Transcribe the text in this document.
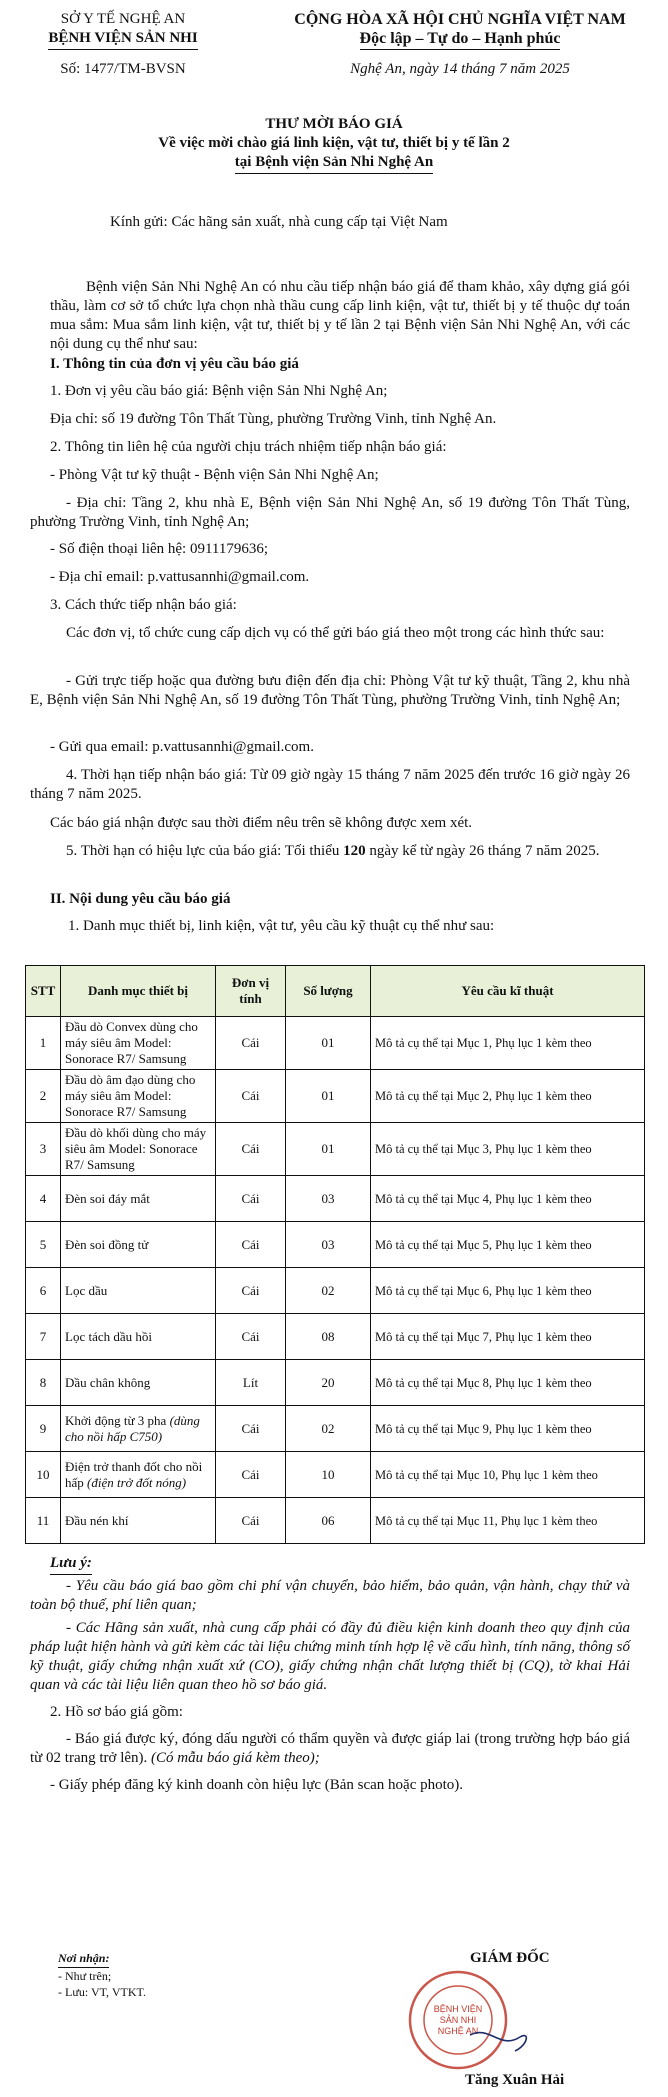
SỞ Y TẾ NGHỆ AN
BỆNH VIỆN SẢN NHI
Số: 1477/TM-BVSN
CỘNG HÒA XÃ HỘI CHỦ NGHĨA VIỆT NAM
Độc lập – Tự do – Hạnh phúc
Nghệ An, ngày 14 tháng 7 năm 2025
THƯ MỜI BÁO GIÁ
Về việc mời chào giá linh kiện, vật tư, thiết bị y tế lần 2
tại Bệnh viện Sản Nhi Nghệ An
Kính gửi: Các hãng sản xuất, nhà cung cấp tại Việt Nam
Bệnh viện Sản Nhi Nghệ An có nhu cầu tiếp nhận báo giá để tham khảo, xây dựng giá gói thầu, làm cơ sở tổ chức lựa chọn nhà thầu cung cấp linh kiện, vật tư, thiết bị y tế thuộc dự toán mua sắm: Mua sắm linh kiện, vật tư, thiết bị y tế lần 2 tại Bệnh viện Sản Nhi Nghệ An, với các nội dung cụ thể như sau:
I. Thông tin của đơn vị yêu cầu báo giá
1. Đơn vị yêu cầu báo giá: Bệnh viện Sản Nhi Nghệ An;
Địa chỉ: số 19 đường Tôn Thất Tùng, phường Trường Vinh, tỉnh Nghệ An.
2. Thông tin liên hệ của người chịu trách nhiệm tiếp nhận báo giá:
- Phòng Vật tư kỹ thuật - Bệnh viện Sản Nhi Nghệ An;
- Địa chỉ: Tầng 2, khu nhà E, Bệnh viện Sản Nhi Nghệ An, số 19 đường Tôn Thất Tùng, phường Trường Vinh, tỉnh Nghệ An;
- Số điện thoại liên hệ: 0911179636;
- Địa chỉ email: p.vattusannhi@gmail.com.
3. Cách thức tiếp nhận báo giá:
Các đơn vị, tổ chức cung cấp dịch vụ có thể gửi báo giá theo một trong các hình thức sau:
- Gửi trực tiếp hoặc qua đường bưu điện đến địa chỉ: Phòng Vật tư kỹ thuật, Tầng 2, khu nhà E, Bệnh viện Sản Nhi Nghệ An, số 19 đường Tôn Thất Tùng, phường Trường Vinh, tỉnh Nghệ An;
- Gửi qua email: p.vattusannhi@gmail.com.
4. Thời hạn tiếp nhận báo giá: Từ 09 giờ ngày 15 tháng 7 năm 2025 đến trước 16 giờ ngày 26 tháng 7 năm 2025.
Các báo giá nhận được sau thời điểm nêu trên sẽ không được xem xét.
5. Thời hạn có hiệu lực của báo giá: Tối thiểu 120 ngày kể từ ngày 26 tháng 7 năm 2025.
II. Nội dung yêu cầu báo giá
1. Danh mục thiết bị, linh kiện, vật tư, yêu cầu kỹ thuật cụ thể như sau:
STT	Danh mục thiết bị	Đơn vị tính	Số lượng	Yêu cầu kĩ thuật
1	Đầu dò Convex dùng cho máy siêu âm Model: Sonorace R7/ Samsung	Cái	01	Mô tả cụ thể tại Mục 1, Phụ lục 1 kèm theo
2	Đầu dò âm đạo dùng cho máy siêu âm Model: Sonorace R7/ Samsung	Cái	01	Mô tả cụ thể tại Mục 2, Phụ lục 1 kèm theo
3	Đầu dò khối dùng cho máy siêu âm Model: Sonorace R7/ Samsung	Cái	01	Mô tả cụ thể tại Mục 3, Phụ lục 1 kèm theo
4	Đèn soi đáy mắt	Cái	03	Mô tả cụ thể tại Mục 4, Phụ lục 1 kèm theo
5	Đèn soi đồng tử	Cái	03	Mô tả cụ thể tại Mục 5, Phụ lục 1 kèm theo
6	Lọc dầu	Cái	02	Mô tả cụ thể tại Mục 6, Phụ lục 1 kèm theo
7	Lọc tách dầu hồi	Cái	08	Mô tả cụ thể tại Mục 7, Phụ lục 1 kèm theo
8	Dầu chân không	Lít	20	Mô tả cụ thể tại Mục 8, Phụ lục 1 kèm theo
9	Khởi động từ 3 pha (dùng cho nồi hấp C750)	Cái	02	Mô tả cụ thể tại Mục 9, Phụ lục 1 kèm theo
10	Điện trở thanh đốt cho nồi hấp (điện trở đốt nóng)	Cái	10	Mô tả cụ thể tại Mục 10, Phụ lục 1 kèm theo
11	Đầu nén khí	Cái	06	Mô tả cụ thể tại Mục 11, Phụ lục 1 kèm theo
Lưu ý:
- Yêu cầu báo giá bao gồm chi phí vận chuyển, bảo hiểm, bảo quản, vận hành, chạy thử và toàn bộ thuế, phí liên quan;
- Các Hãng sản xuất, nhà cung cấp phải có đầy đủ điều kiện kinh doanh theo quy định của pháp luật hiện hành và gửi kèm các tài liệu chứng minh tính hợp lệ về cấu hình, tính năng, thông số kỹ thuật, giấy chứng nhận xuất xứ (CO), giấy chứng nhận chất lượng thiết bị (CQ), tờ khai Hải quan và các tài liệu liên quan theo hồ sơ báo giá.
2. Hồ sơ báo giá gồm:
- Báo giá được ký, đóng dấu người có thẩm quyền và được giáp lai (trong trường hợp báo giá từ 02 trang trở lên). (Có mẫu báo giá kèm theo);
- Giấy phép đăng ký kinh doanh còn hiệu lực (Bản scan hoặc photo).
Nơi nhận:
- Như trên;
- Lưu: VT, VTKT.
GIÁM ĐỐC
BỆNH VIỆN
SẢN NHI
NGHỆ AN
Tăng Xuân Hải
